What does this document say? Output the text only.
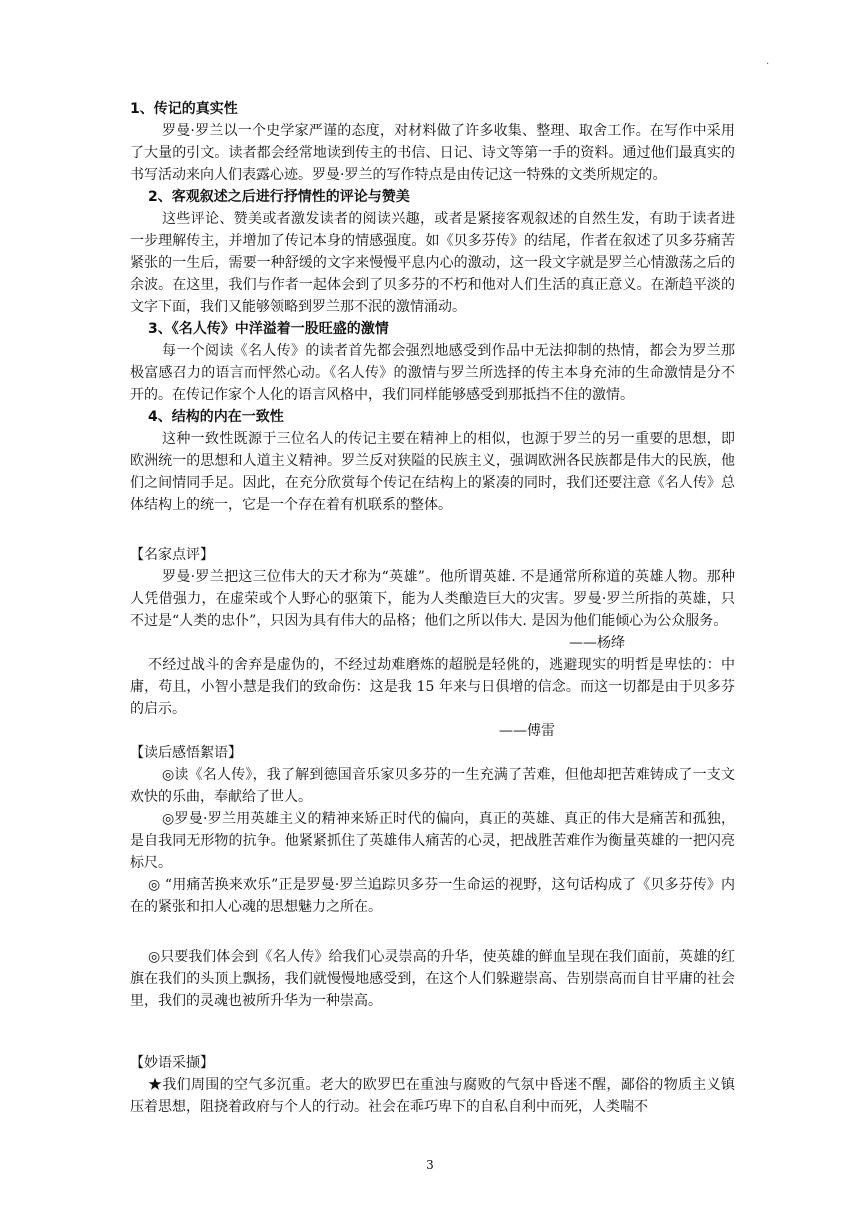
.

1、传记的真实性

罗曼·罗兰以一个史学家严谨的态度，对材料做了许多收集、整理、取舍工作。在写作中采用了大量的引文。读者都会经常地读到传主的书信、日记、诗文等第一手的资料。通过他们最真实的书写活动来向人们表露心迹。罗曼·罗兰的写作特点是由传记这一特殊的文类所规定的。

2、客观叙述之后进行抒情性的评论与赞美

这些评论、赞美或者激发读者的阅读兴趣，或者是紧接客观叙述的自然生发，有助于读者进一步理解传主，并增加了传记本身的情感强度。如《贝多芬传》的结尾，作者在叙述了贝多芬痛苦紧张的一生后，需要一种舒缓的文字来慢慢平息内心的激动，这一段文字就是罗兰心情激荡之后的余波。在这里，我们与作者一起体会到了贝多芬的不朽和他对人们生活的真正意义。在渐趋平淡的文字下面，我们又能够领略到罗兰那不泯的激情涌动。

3、《名人传》中洋溢着一股旺盛的激情

每一个阅读《名人传》的读者首先都会强烈地感受到作品中无法抑制的热情，都会为罗兰那极富感召力的语言而怦然心动。《名人传》的激情与罗兰所选择的传主本身充沛的生命激情是分不开的。在传记作家个人化的语言风格中，我们同样能够感受到那抵挡不住的激情。

4、结构的内在一致性

这种一致性既源于三位名人的传记主要在精神上的相似，也源于罗兰的另一重要的思想，即欧洲统一的思想和人道主义精神。罗兰反对狭隘的民族主义，强调欧洲各民族都是伟大的民族，他们之间情同手足。因此，在充分欣赏每个传记在结构上的紧凑的同时，我们还要注意《名人传》总体结构上的统一，它是一个存在着有机联系的整体。

【名家点评】

罗曼·罗兰把这三位伟大的天才称为“英雄”。他所谓英雄. 不是通常所称道的英雄人物。那种人凭借强力，在虚荣或个人野心的驱策下，能为人类酿造巨大的灾害。罗曼·罗兰所指的英雄，只不过是“人类的忠仆”，只因为具有伟大的品格；他们之所以伟大. 是因为他们能倾心为公众服务。

——杨绛

不经过战斗的舍弃是虚伪的，不经过劫难磨炼的超脱是轻佻的，逃避现实的明哲是卑怯的：中庸，苟且，小智小慧是我们的致命伤：这是我 15 年来与日俱增的信念。而这一切都是由于贝多芬的启示。

——傅雷

【读后感悟絮语】

◎读《名人传》，我了解到德国音乐家贝多芬的一生充满了苦难，但他却把苦难铸成了一支文欢快的乐曲，奉献给了世人。

◎罗曼·罗兰用英雄主义的精神来矫正时代的偏向，真正的英雄、真正的伟大是痛苦和孤独，是自我同无形物的抗争。他紧紧抓住了英雄伟人痛苦的心灵，把战胜苦难作为衡量英雄的一把闪亮标尺。

◎ “用痛苦换来欢乐”正是罗曼·罗兰追踪贝多芬一生命运的视野，这句话构成了《贝多芬传》内在的紧张和扣人心魂的思想魅力之所在。

◎只要我们体会到《名人传》给我们心灵崇高的升华，使英雄的鲜血呈现在我们面前，英雄的红旗在我们的头顶上飘扬，我们就慢慢地感受到，在这个人们躲避崇高、告别崇高而自甘平庸的社会里，我们的灵魂也被所升华为一种崇高。

【妙语采撷】

★我们周围的空气多沉重。老大的欧罗巴在重浊与腐败的气氛中昏迷不醒，鄙俗的物质主义镇压着思想，阻挠着政府与个人的行动。社会在乖巧卑下的自私自利中而死，人类喘不

3
